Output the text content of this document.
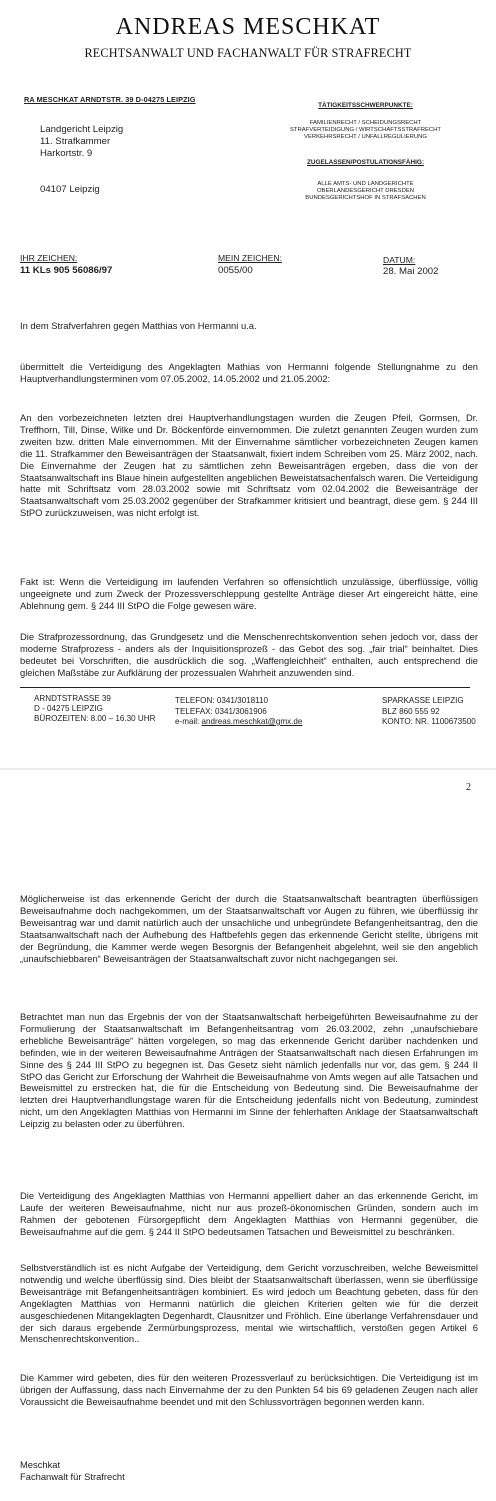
ANDREAS MESCHKAT
RECHTSANWALT UND FACHANWALT FÜR STRAFRECHT
RA MESCHKAT ARNDTSTR. 39 D-04275 LEIPZIG
Landgericht Leipzig
11. Strafkammer
Harkortstr. 9
04107 Leipzig
TÄTIGKEITSSCHWERPUNKTE:
FAMILIENRECHT / SCHEIDUNGSRECHT
STRAFVERTEIDIGUNG / WIRTSCHAFTSSTRAFRECHT
VERKEHRSRECHT / UNFALLREGULIERUNG
ZUGELASSEN/POSTULATIONSFÄHIG:
ALLE AMTS- UND LANDGERICHTE
OBERLANDESGERICHT DRESDEN
BUNDESGERICHTSHOF IN STRAFSACHEN
IHR ZEICHEN:
11 KLs 905 56086/97
MEIN ZEICHEN:
0055/00
DATUM:
28. Mai 2002
In dem Strafverfahren gegen Matthias von Hermanni u.a.

übermittelt die Verteidigung des Angeklagten Mathias von Hermanni folgende Stellungnahme zu den Hauptverhandlungsterminen vom 07.05.2002, 14.05.2002 und 21.05.2002:

An den vorbezeichneten letzten drei Hauptverhandlungstagen wurden die Zeugen Pfeil, Gormsen, Dr. Treffhorn, Till, Dinse, Wilke und Dr. Böckenförde einvernommen. Die zuletzt genannten Zeugen wurden zum zweiten bzw. dritten Male einvernommen. Mit der Einvernahme sämtlicher vorbezeichneten Zeugen kamen die 11. Strafkammer den Beweisanträgen der Staatsanwalt, fixiert indem Schreiben vom 25. März 2002, nach. Die Einvernahme der Zeugen hat zu sämtlichen zehn Beweisanträgen ergeben, dass die von der Staatsanwaltschaft ins Blaue hinein aufgestellten angeblichen Beweistatsachenfalsch waren. Die Verteidigung hatte mit Schriftsatz vom 28.03.2002 sowie mit Schriftsatz vom 02.04.2002 die Beweisanträge der Staatsanwaltschaft vom 25.03.2002 gegenüber der Strafkammer kritisiert und beantragt, diese gem. § 244 III StPO zurückzuweisen, was nicht erfolgt ist.

Fakt ist: Wenn die Verteidigung im laufenden Verfahren so offensichtlich unzulässige, überflüssige, völlig ungeeignete und zum Zweck der Prozessverschleppung gestellte Anträge dieser Art eingereicht hätte, eine Ablehnung gem. § 244 III StPO die Folge gewesen wäre.

Die Strafprozessordnung, das Grundgesetz und die Menschenrechtskonvention sehen jedoch vor, dass der moderne Strafprozess - anders als der Inquisitionsprozeß - das Gebot des sog. „fair trial“ beinhaltet. Dies bedeutet bei Vorschriften, die ausdrücklich die sog. „Waffengleichheit“ enthalten, auch entsprechend die gleichen Maßstäbe zur Aufklärung der prozessualen Wahrheit anzuwenden sind.

ARNDTSTRASSE 39
D - 04275 LEIPZIG
BÜROZEITEN: 8.00 – 16.30 UHR
TELEFON: 0341/3018110
TELEFAX: 0341/3061906
e-mail: andreas.meschkat@gmx.de
SPARKASSE LEIPZIG
BLZ 860 555 92
KONTO: NR. 1100673500
2

Möglicherweise ist das erkennende Gericht der durch die Staatsanwaltschaft beantragten überflüssigen Beweisaufnahme doch nachgekommen, um der Staatsanwaltschaft vor Augen zu führen, wie überflüssig ihr Beweisantrag war und damit natürlich auch der unsachliche und unbegründete Befangenheitsantrag, den die Staatsanwaltschaft nach der Aufhebung des Haftbefehls gegen das erkennende Gericht stellte, übrigens mit der Begründung, die Kammer werde wegen Besorgnis der Befangenheit abgelehnt, weil sie den angeblich „unaufschiebbaren“ Beweisanträgen der Staatsanwaltschaft zuvor nicht nachgegangen sei.

Betrachtet man nun das Ergebnis der von der Staatsanwaltschaft herbeigeführten Beweisaufnahme zu der Formulierung der Staatsanwaltschaft im Befangenheitsantrag vom 26.03.2002, zehn „unaufschiebare erhebliche Beweisanträge“ hätten vorgelegen, so mag das erkennende Gericht darüber nachdenken und befinden, wie in der weiteren Beweisaufnahme Anträgen der Staatsanwaltschaft nach diesen Erfahrungen im Sinne des § 244 III StPO zu begegnen ist. Das Gesetz sieht nämlich jedenfalls nur vor, das gem. § 244 II StPO das Gericht zur Erforschung der Wahrheit die Beweisaufnahme von Amts wegen auf alle Tatsachen und Beweismittel zu erstrecken hat, die für die Entscheidung von Bedeutung sind. Die Beweisaufnahme der letzten drei Hauptverhandlungstage waren für die Entscheidung jedenfalls nicht von Bedeutung, zumindest nicht, um den Angeklagten Matthias von Hermanni im Sinne der fehlerhaften Anklage der Staatsanwaltschaft Leipzig zu belasten oder zu überführen.

Die Verteidigung des Angeklagten Matthias von Hermanni appelliert daher an das erkennende Gericht, im Laufe der weiteren Beweisaufnahme, nicht nur aus prozeß-ökonomischen Gründen, sondern auch im Rahmen der gebotenen Fürsorgepflicht dem Angeklagten Matthias von Hermanni gegenüber, die Beweisaufnahme auf die gem. § 244 II StPO bedeutsamen Tatsachen und Beweismittel zu beschränken.

Selbstverständlich ist es nicht Aufgabe der Verteidigung, dem Gericht vorzuschreiben, welche Beweismittel notwendig und welche überflüssig sind. Dies bleibt der Staatsanwaltschaft überlassen, wenn sie überflüssige Beweisanträge mit Befangenheitsanträgen kombiniert. Es wird jedoch um Beachtung gebeten, dass für den Angeklagten Matthias von Hermanni natürlich die gleichen Kriterien gelten wie für die derzeit ausgeschiedenen Mitangeklagten Degenhardt, Clausnitzer und Fröhlich. Eine überlange Verfahrensdauer und der sich daraus ergebende Zermürbungsprozess, mental wie wirtschaftlich, verstoßen gegen Artikel 6 Menschenrechtskonvention..

Die Kammer wird gebeten, dies für den weiteren Prozessverlauf zu berücksichtigen. Die Verteidigung ist im übrigen der Auffassung, dass nach Einvernahme der zu den Punkten 54 bis 69 geladenen Zeugen nach aller Voraussicht die Beweisaufnahme beendet und mit den Schlussvorträgen begonnen werden kann.

Meschkat
Fachanwalt für Strafrecht
